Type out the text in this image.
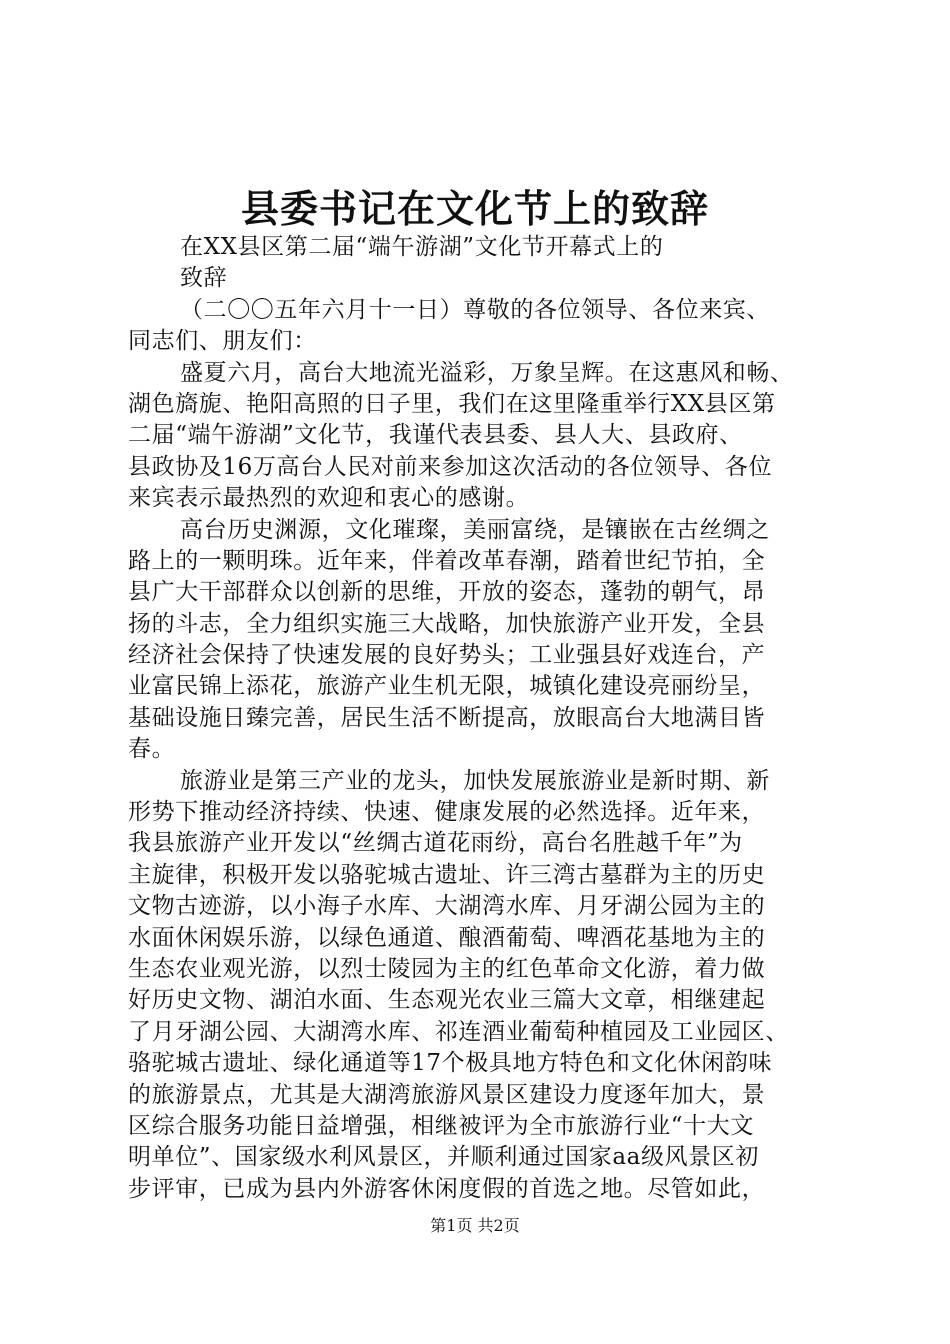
县委书记在文化节上的致辞
在XX县区第二届“端午游湖”文化节开幕式上的
致辞
（二〇〇五年六月十一日）尊敬的各位领导、各位来宾、
同志们、朋友们：
盛夏六月，高台大地流光溢彩，万象呈辉。在这惠风和畅、
湖色旖旎、艳阳高照的日子里，我们在这里隆重举行XX县区第
二届“端午游湖”文化节，我谨代表县委、县人大、县政府、
县政协及16万高台人民对前来参加这次活动的各位领导、各位
来宾表示最热烈的欢迎和衷心的感谢。
高台历史渊源，文化璀璨，美丽富绕，是镶嵌在古丝绸之
路上的一颗明珠。近年来，伴着改革春潮，踏着世纪节拍，全
县广大干部群众以创新的思维，开放的姿态，蓬勃的朝气，昂
扬的斗志，全力组织实施三大战略，加快旅游产业开发，全县
经济社会保持了快速发展的良好势头；工业强县好戏连台，产
业富民锦上添花，旅游产业生机无限，城镇化建设亮丽纷呈，
基础设施日臻完善，居民生活不断提高，放眼高台大地满目皆
春。
旅游业是第三产业的龙头，加快发展旅游业是新时期、新
形势下推动经济持续、快速、健康发展的必然选择。近年来，
我县旅游产业开发以“丝绸古道花雨纷，高台名胜越千年”为
主旋律，积极开发以骆驼城古遗址、许三湾古墓群为主的历史
文物古迹游，以小海子水库、大湖湾水库、月牙湖公园为主的
水面休闲娱乐游，以绿色通道、酿酒葡萄、啤酒花基地为主的
生态农业观光游，以烈士陵园为主的红色革命文化游，着力做
好历史文物、湖泊水面、生态观光农业三篇大文章，相继建起
了月牙湖公园、大湖湾水库、祁连酒业葡萄种植园及工业园区、
骆驼城古遗址、绿化通道等17个极具地方特色和文化休闲韵味
的旅游景点，尤其是大湖湾旅游风景区建设力度逐年加大，景
区综合服务功能日益增强，相继被评为全市旅游行业“十大文
明单位”、国家级水利风景区，并顺利通过国家aa级风景区初
步评审，已成为县内外游客休闲度假的首选之地。尽管如此，
第1页 共2页
